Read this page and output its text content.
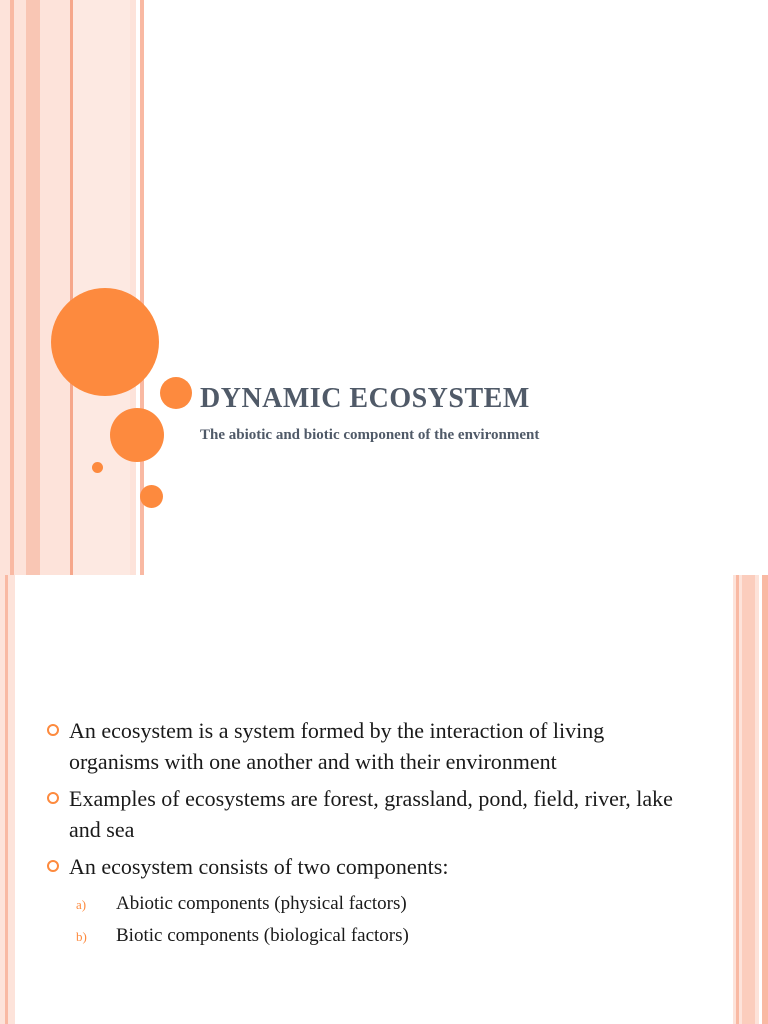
DYNAMIC ECOSYSTEM
The abiotic and biotic component of the environment
An ecosystem is a system formed by the interaction of living organisms with one another and with their environment
Examples of ecosystems are forest, grassland, pond, field, river, lake and sea
An ecosystem consists of two components:
a) Abiotic components (physical factors)
b) Biotic components (biological factors)
